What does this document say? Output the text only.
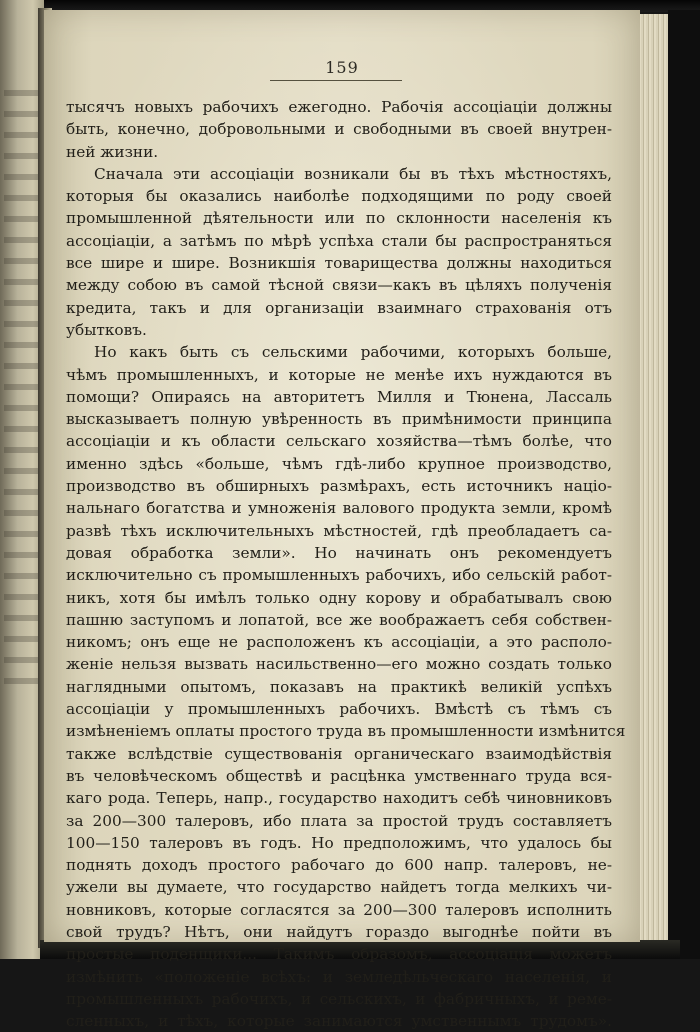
159
тысячъ новыхъ рабочихъ ежегодно. Рабочія ассоціаціи должны
быть, конечно, добровольными и свободными въ своей внутрен-
ней жизни.
Сначала эти ассоціаціи возникали бы въ тѣхъ мѣстностяхъ,
которыя бы оказались наиболѣе подходящими по роду своей
промышленной дѣятельности или по склонности населенія къ
ассоціаціи, а затѣмъ по мѣрѣ успѣха стали бы распространяться
все шире и шире. Возникшія товарищества должны находиться
между собою въ самой тѣсной связи—какъ въ цѣляхъ полученія
кредита, такъ и для организаціи взаимнаго страхованія отъ
убытковъ.
Но какъ быть съ сельскими рабочими, которыхъ больше,
чѣмъ промышленныхъ, и которые не менѣе ихъ нуждаются въ
помощи? Опираясь на авторитетъ Милля и Тюнена, Лассаль
высказываетъ полную увѣренность въ примѣнимости принципа
ассоціаціи и къ области сельскаго хозяйства—тѣмъ болѣе, что
именно здѣсь «больше, чѣмъ гдѣ-либо крупное производство,
производство въ обширныхъ размѣрахъ, есть источникъ націо-
нальнаго богатства и умноженія валового продукта земли, кромѣ
развѣ тѣхъ исключительныхъ мѣстностей, гдѣ преобладаетъ са-
довая обработка земли». Но начинать онъ рекомендуетъ
исключительно съ промышленныхъ рабочихъ, ибо сельскій работ-
никъ, хотя бы имѣлъ только одну корову и обрабатывалъ свою
пашню заступомъ и лопатой, все же воображаетъ себя собствен-
никомъ; онъ еще не расположенъ къ ассоціаціи, а это располо-
женіе нельзя вызвать насильственно—его можно создать только
наглядными опытомъ, показавъ на практикѣ великій успѣхъ
ассоціаціи у промышленныхъ рабочихъ. Вмѣстѣ съ тѣмъ съ
измѣненіемъ оплаты простого труда въ промышленности измѣнится
также вслѣдствіе существованія органическаго взаимодѣйствія
въ человѣческомъ обществѣ и расцѣнка умственнаго труда вся-
каго рода. Теперь, напр., государство находитъ себѣ чиновниковъ
за 200—300 талеровъ, ибо плата за простой трудъ составляетъ
100—150 талеровъ въ годъ. Но предположимъ, что удалось бы
поднять доходъ простого рабочаго до 600 напр. талеровъ, не-
ужели вы думаете, что государство найдетъ тогда мелкихъ чи-
новниковъ, которые согласятся за 200—300 талеровъ исполнить
свой трудъ? Нѣтъ, они найдутъ гораздо выгоднѣе пойти въ
простые поденщики... Такимъ образомъ, ассоціація можетъ
измѣнить «положеніе всѣхъ: и земледѣльческаго населенія, и
промышленныхъ рабочихъ, и сельскихъ, и фабричныхъ, и реме-
сленныхъ, и тѣхъ, которые занимаются умственнымъ трудомъ».
